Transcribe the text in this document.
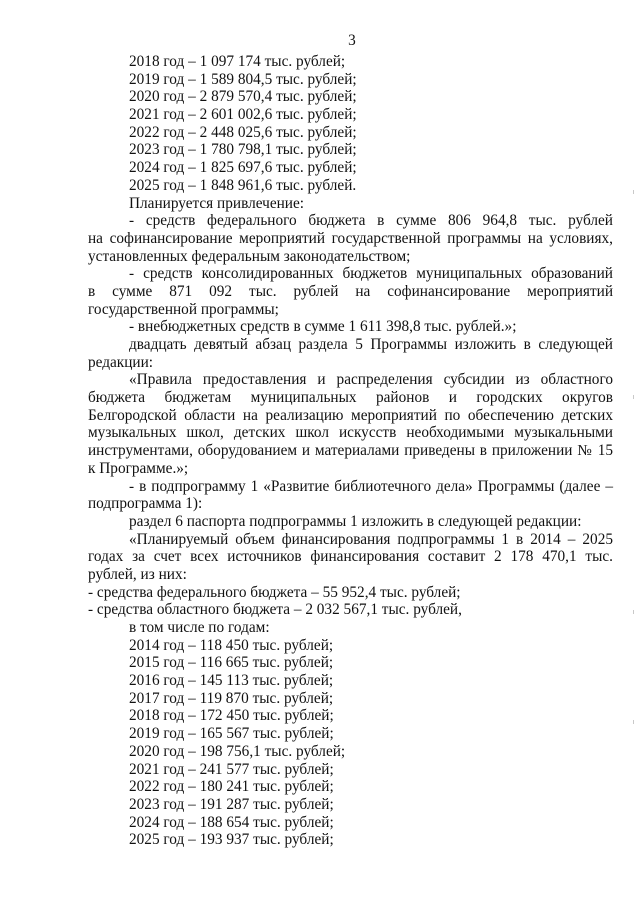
3
2018 год – 1 097 174 тыс. рублей;
2019 год – 1 589 804,5 тыс. рублей;
2020 год – 2 879 570,4 тыс. рублей;
2021 год – 2 601 002,6 тыс. рублей;
2022 год – 2 448 025,6 тыс. рублей;
2023 год – 1 780 798,1 тыс. рублей;
2024 год – 1 825 697,6 тыс. рублей;
2025 год – 1 848 961,6 тыс. рублей.
Планируется привлечение:
- средств федерального бюджета в сумме 806 964,8 тыс. рублей
на софинансирование мероприятий государственной программы на условиях,
установленных федеральным законодательством;
- средств консолидированных бюджетов муниципальных образований
в сумме 871 092 тыс. рублей на софинансирование мероприятий
государственной программы;
- внебюджетных средств в сумме 1 611 398,8 тыс. рублей.»;
двадцать девятый абзац раздела 5 Программы изложить в следующей
редакции:
«Правила предоставления и распределения субсидии из областного
бюджета бюджетам муниципальных районов и городских округов
Белгородской области на реализацию мероприятий по обеспечению детских
музыкальных школ, детских школ искусств необходимыми музыкальными
инструментами, оборудованием и материалами приведены в приложении № 15
к Программе.»;
- в подпрограмму 1 «Развитие библиотечного дела» Программы (далее –
подпрограмма 1):
раздел 6 паспорта подпрограммы 1 изложить в следующей редакции:
«Планируемый объем финансирования подпрограммы 1 в 2014 – 2025
годах за счет всех источников финансирования составит 2 178 470,1 тыс.
рублей, из них:
- средства федерального бюджета – 55 952,4 тыс. рублей;
- средства областного бюджета – 2 032 567,1 тыс. рублей,
в том числе по годам:
2014 год – 118 450 тыс. рублей;
2015 год – 116 665 тыс. рублей;
2016 год – 145 113 тыс. рублей;
2017 год – 119 870 тыс. рублей;
2018 год – 172 450 тыс. рублей;
2019 год – 165 567 тыс. рублей;
2020 год – 198 756,1 тыс. рублей;
2021 год – 241 577 тыс. рублей;
2022 год – 180 241 тыс. рублей;
2023 год – 191 287 тыс. рублей;
2024 год – 188 654 тыс. рублей;
2025 год – 193 937 тыс. рублей;
